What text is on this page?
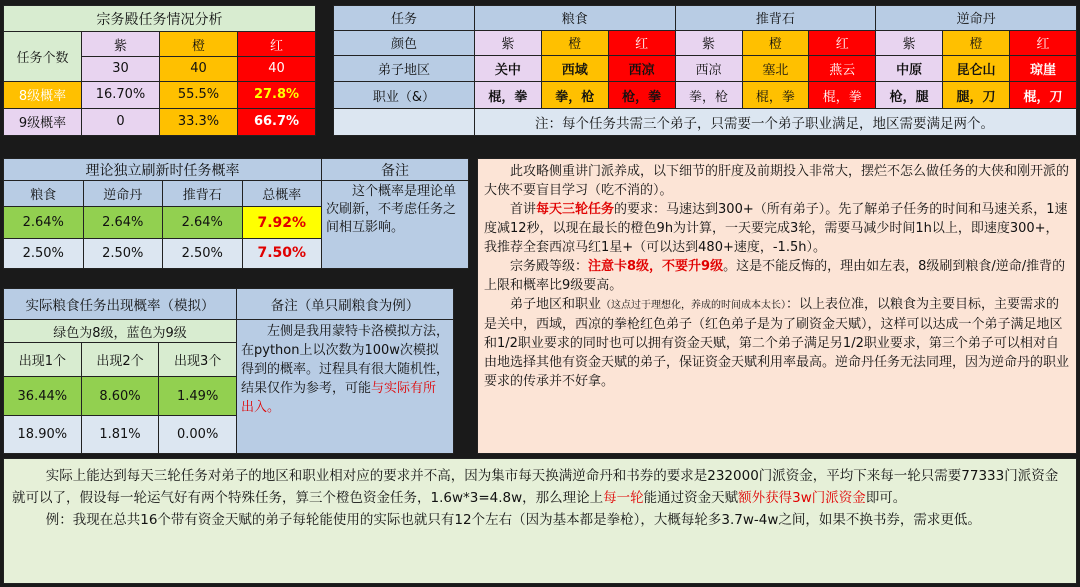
宗务殿任务情况分析			
任务个数	紫	橙	红
	30	40	40
8级概率	16.70%	55.5%	27.8%
9级概率	0	33.3%	66.7%
任务	粮食			推背石			逆命丹		
颜色	紫	橙	红	紫	橙	红	紫	橙	红
弟子地区	关中	西域	西凉	西凉	塞北	燕云	中原	昆仑山	琼崖
职业（&）	棍，拳	拳，枪	枪，拳	拳，枪	棍，拳	棍，拳	枪，腿	腿，刀	棍，刀
	注：每个任务共需三个弟子，只需要一个弟子职业满足，地区需要满足两个。								
理论独立刷新时任务概率				备注
粮食	逆命丹	推背石	总概率	这个概率是理论单次刷新，不考虑任务之间相互影响。
2.64%	2.64%	2.64%	7.92%	
2.50%	2.50%	2.50%	7.50%	
实际粮食任务出现概率（模拟）			备注（单只刷粮食为例）
绿色为8级，蓝色为9级			左侧是我用蒙特卡洛模拟方法，在python上以次数为100w次模拟得到的概率。过程具有很大随机性，结果仅作为参考，可能与实际有所出入。
出现1个	出现2个	出现3个	
36.44%	8.60%	1.49%	
18.90%	1.81%	0.00%	
此攻略侧重讲门派养成，以下细节的肝度及前期投入非常大，摆烂不怎么做任务的大侠和刚开派的大侠不要盲目学习（吃不消的）。
首讲每天三轮任务的要求：马速达到300+（所有弟子）。先了解弟子任务的时间和马速关系，1速度减12秒，以现在最长的橙色9h为计算，一天要完成3轮，需要马减少时间1h以上，即速度300+，我推荐全套西凉马红1星+（可以达到480+速度，-1.5h）。
宗务殿等级：注意卡8级，不要升9级。这是不能反悔的，理由如左表，8级刷到粮食/逆命/推背的上限和概率比9级要高。
弟子地区和职业（这点过于理想化，养成的时间成本太长）：以上表位准，以粮食为主要目标，主要需求的是关中，西域，西凉的拳枪红色弟子（红色弟子是为了刷资金天赋），这样可以达成一个弟子满足地区和1/2职业要求的同时也可以拥有资金天赋，第二个弟子满足另1/2职业要求，第三个弟子可以相对自由地选择其他有资金天赋的弟子，保证资金天赋利用率最高。逆命丹任务无法同理，因为逆命丹的职业要求的传承并不好拿。
实际上能达到每天三轮任务对弟子的地区和职业相对应的要求并不高，因为集市每天换满逆命丹和书券的要求是232000门派资金，平均下来每一轮只需要77333门派资金就可以了，假设每一轮运气好有两个特殊任务，算三个橙色资金任务，1.6w*3=4.8w，那么理论上每一轮能通过资金天赋额外获得3w门派资金即可。
例：我现在总共16个带有资金天赋的弟子每轮能使用的实际也就只有12个左右（因为基本都是拳枪），大概每轮多3.7w-4w之间，如果不换书券，需求更低。
